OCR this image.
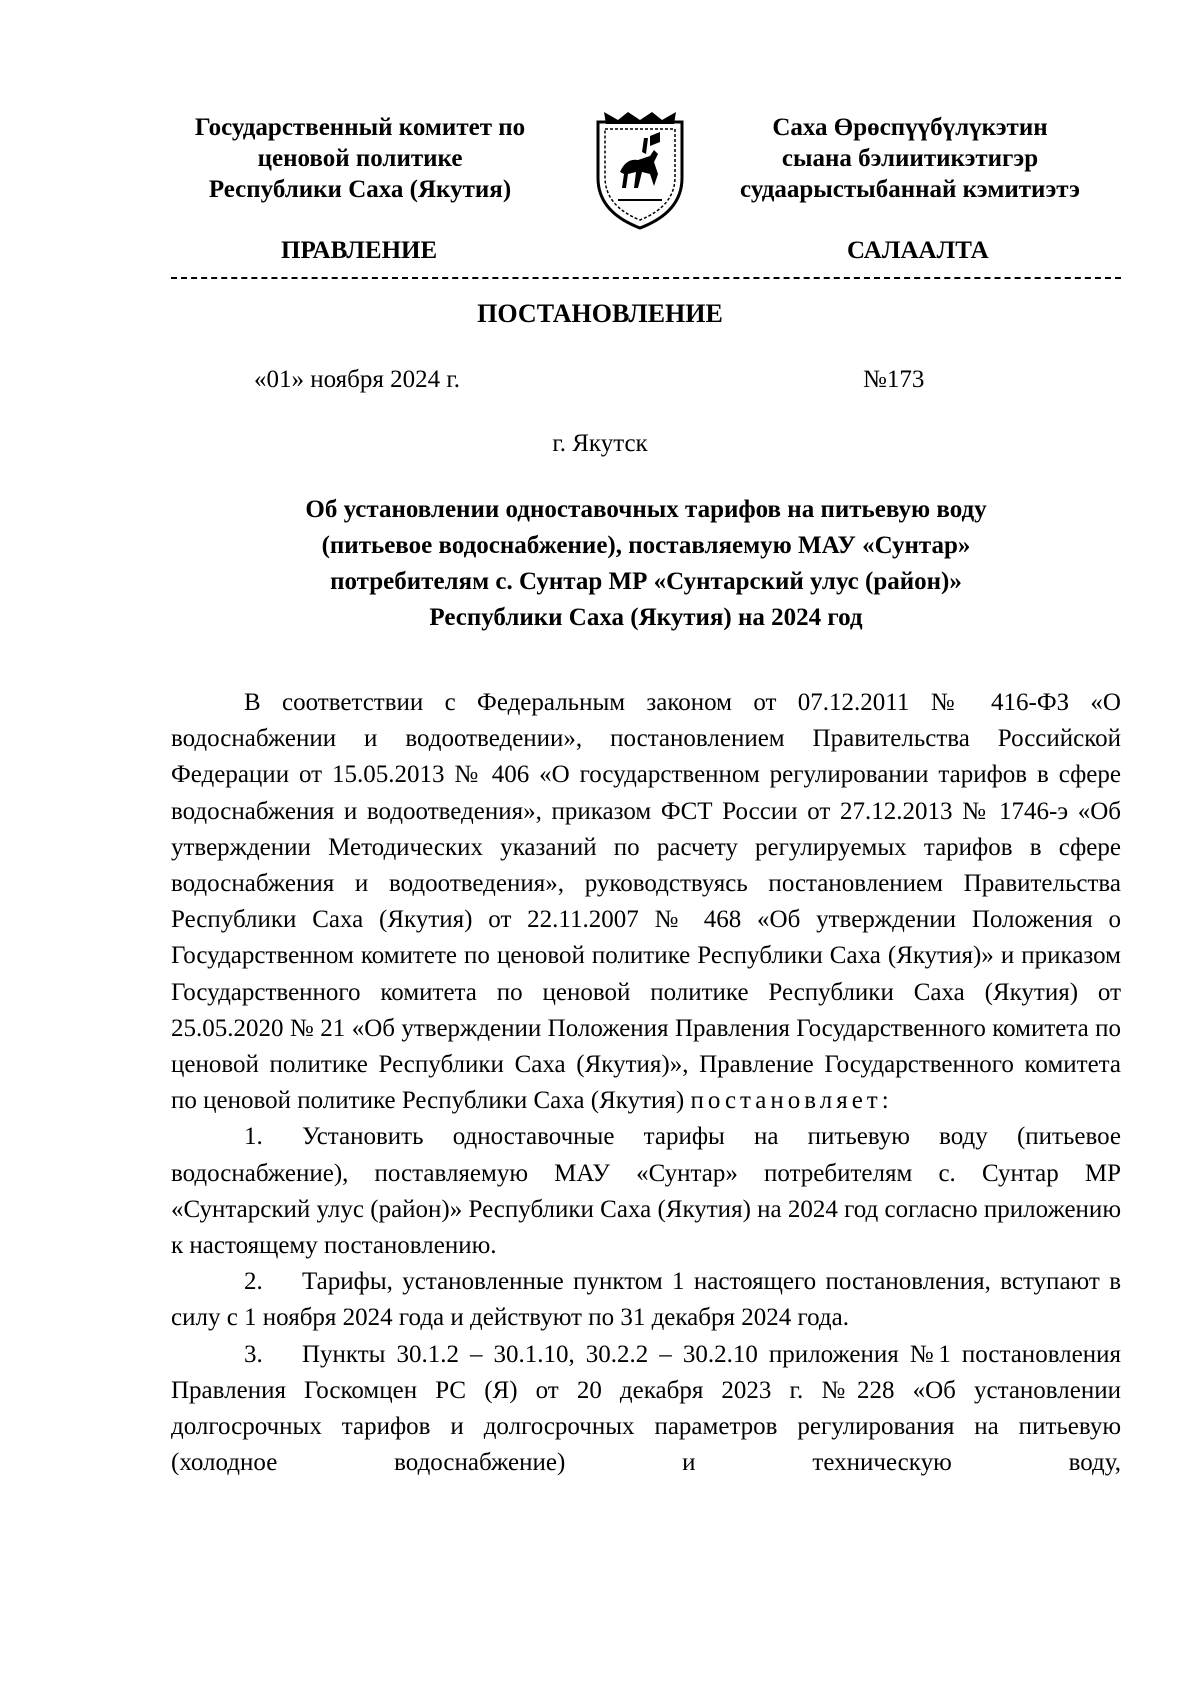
Государственный комитет по
ценовой политике
Республики Саха (Якутия)
Саха Өрөспүүбүлүкэтин
сыана бэлиитикэтигэр
судаарыстыбаннай кэмитиэтэ
ПРАВЛЕНИЕ	САЛААЛТА
ПОСТАНОВЛЕНИЕ
«01» ноября 2024 г.	№173
г. Якутск
Об установлении одноставочных тарифов на питьевую воду
(питьевое водоснабжение), поставляемую МАУ «Сунтар»
потребителям с. Сунтар МР «Сунтарский улус (район)»
Республики Саха (Якутия) на 2024 год

В соответствии с Федеральным законом от 07.12.2011 № 416-ФЗ «О водоснабжении и водоотведении», постановлением Правительства Российской Федерации от 15.05.2013 № 406 «О государственном регулировании тарифов в сфере водоснабжения и водоотведения», приказом ФСТ России от 27.12.2013 № 1746-э «Об утверждении Методических указаний по расчету регулируемых тарифов в сфере водоснабжения и водоотведения», руководствуясь постановлением Правительства Республики Саха (Якутия) от 22.11.2007 № 468 «Об утверждении Положения о Государственном комитете по ценовой политике Республики Саха (Якутия)» и приказом Государственного комитета по ценовой политике Республики Саха (Якутия) от 25.05.2020 № 21 «Об утверждении Положения Правления Государственного комитета по ценовой политике Республики Саха (Якутия)», Правление Государственного комитета по ценовой политике Республики Саха (Якутия) постановляет:

1. Установить одноставочные тарифы на питьевую воду (питьевое водоснабжение), поставляемую МАУ «Сунтар» потребителям с. Сунтар МР «Сунтарский улус (район)» Республики Саха (Якутия) на 2024 год согласно приложению к настоящему постановлению.

2. Тарифы, установленные пунктом 1 настоящего постановления, вступают в силу с 1 ноября 2024 года и действуют по 31 декабря 2024 года.

3. Пункты 30.1.2 – 30.1.10, 30.2.2 – 30.2.10 приложения №1 постановления Правления Госкомцен РС (Я) от 20 декабря 2023 г. №228 «Об установлении долгосрочных тарифов и долгосрочных параметров регулирования на питьевую (холодное водоснабжение) и техническую воду,
